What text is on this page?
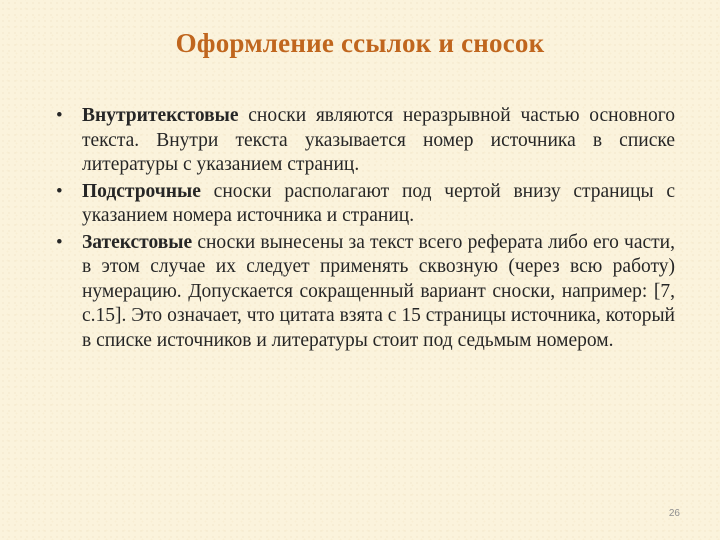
Оформление ссылок и сносок
• Внутритекстовые сноски являются неразрывной частью основного текста. Внутри текста указывается номер источника в списке литературы с указанием страниц.
• Подстрочные сноски располагают под чертой внизу страницы с указанием номера источника и страниц.
• Затекстовые сноски вынесены за текст всего реферата либо его части, в этом случае их следует применять сквозную (через всю работу) нумерацию. Допускается сокращенный вариант сноски, например: [7, с.15]. Это означает, что цитата взята с 15 страницы источника, который в списке источников и литературы стоит под седьмым номером.
26
